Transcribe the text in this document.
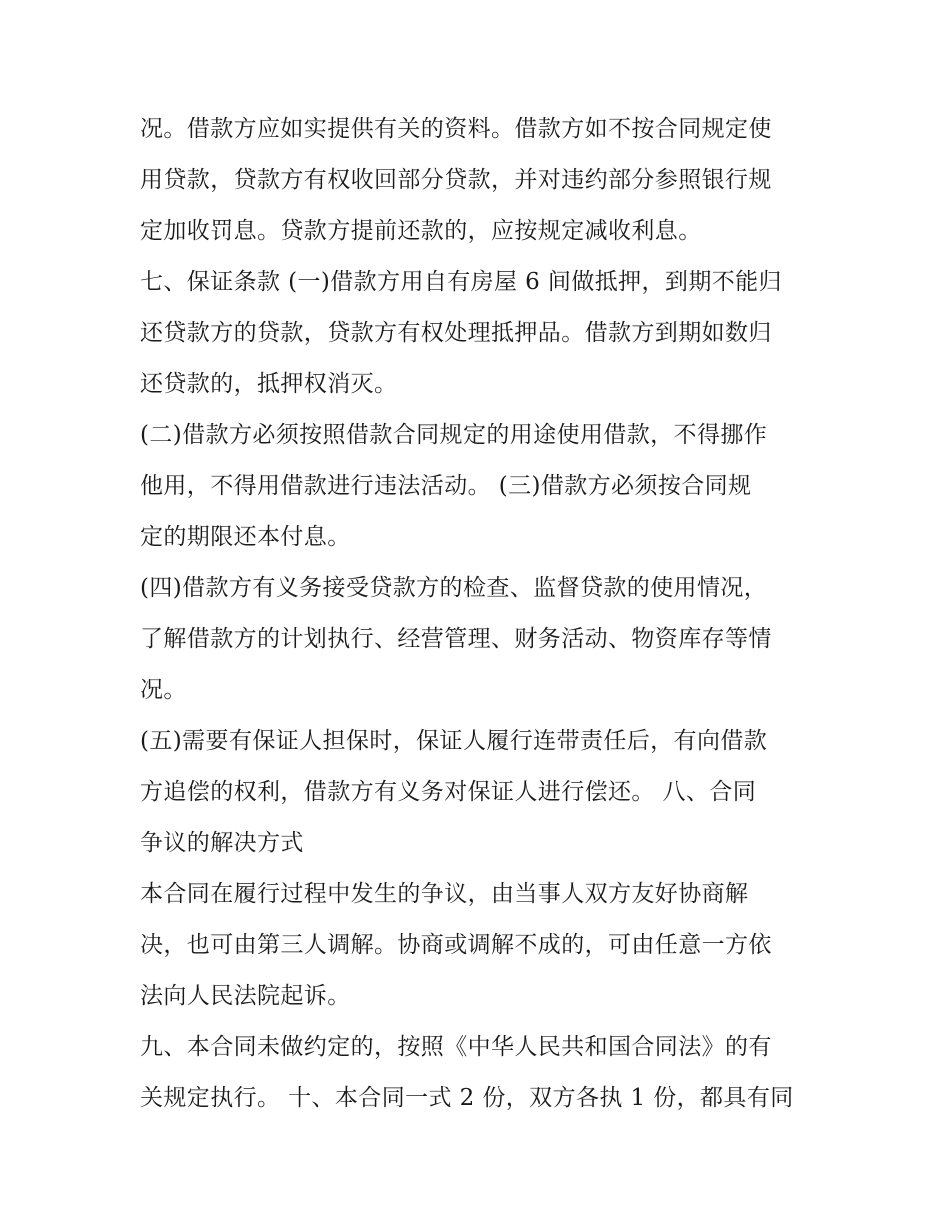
况。借款方应如实提供有关的资料。借款方如不按合同规定使
用贷款，贷款方有权收回部分贷款，并对违约部分参照银行规
定加收罚息。贷款方提前还款的，应按规定减收利息。
七、保证条款 (一)借款方用自有房屋 6 间做抵押，到期不能归
还贷款方的贷款，贷款方有权处理抵押品。借款方到期如数归
还贷款的，抵押权消灭。
(二)借款方必须按照借款合同规定的用途使用借款，不得挪作
他用，不得用借款进行违法活动。 (三)借款方必须按合同规
定的期限还本付息。
(四)借款方有义务接受贷款方的检查、监督贷款的使用情况，
了解借款方的计划执行、经营管理、财务活动、物资库存等情
况。
(五)需要有保证人担保时，保证人履行连带责任后，有向借款
方追偿的权利，借款方有义务对保证人进行偿还。 八、合同
争议的解决方式
本合同在履行过程中发生的争议，由当事人双方友好协商解
决，也可由第三人调解。协商或调解不成的，可由任意一方依
法向人民法院起诉。
九、本合同未做约定的，按照《中华人民共和国合同法》的有
关规定执行。 十、本合同一式 2 份，双方各执 1 份，都具有同
